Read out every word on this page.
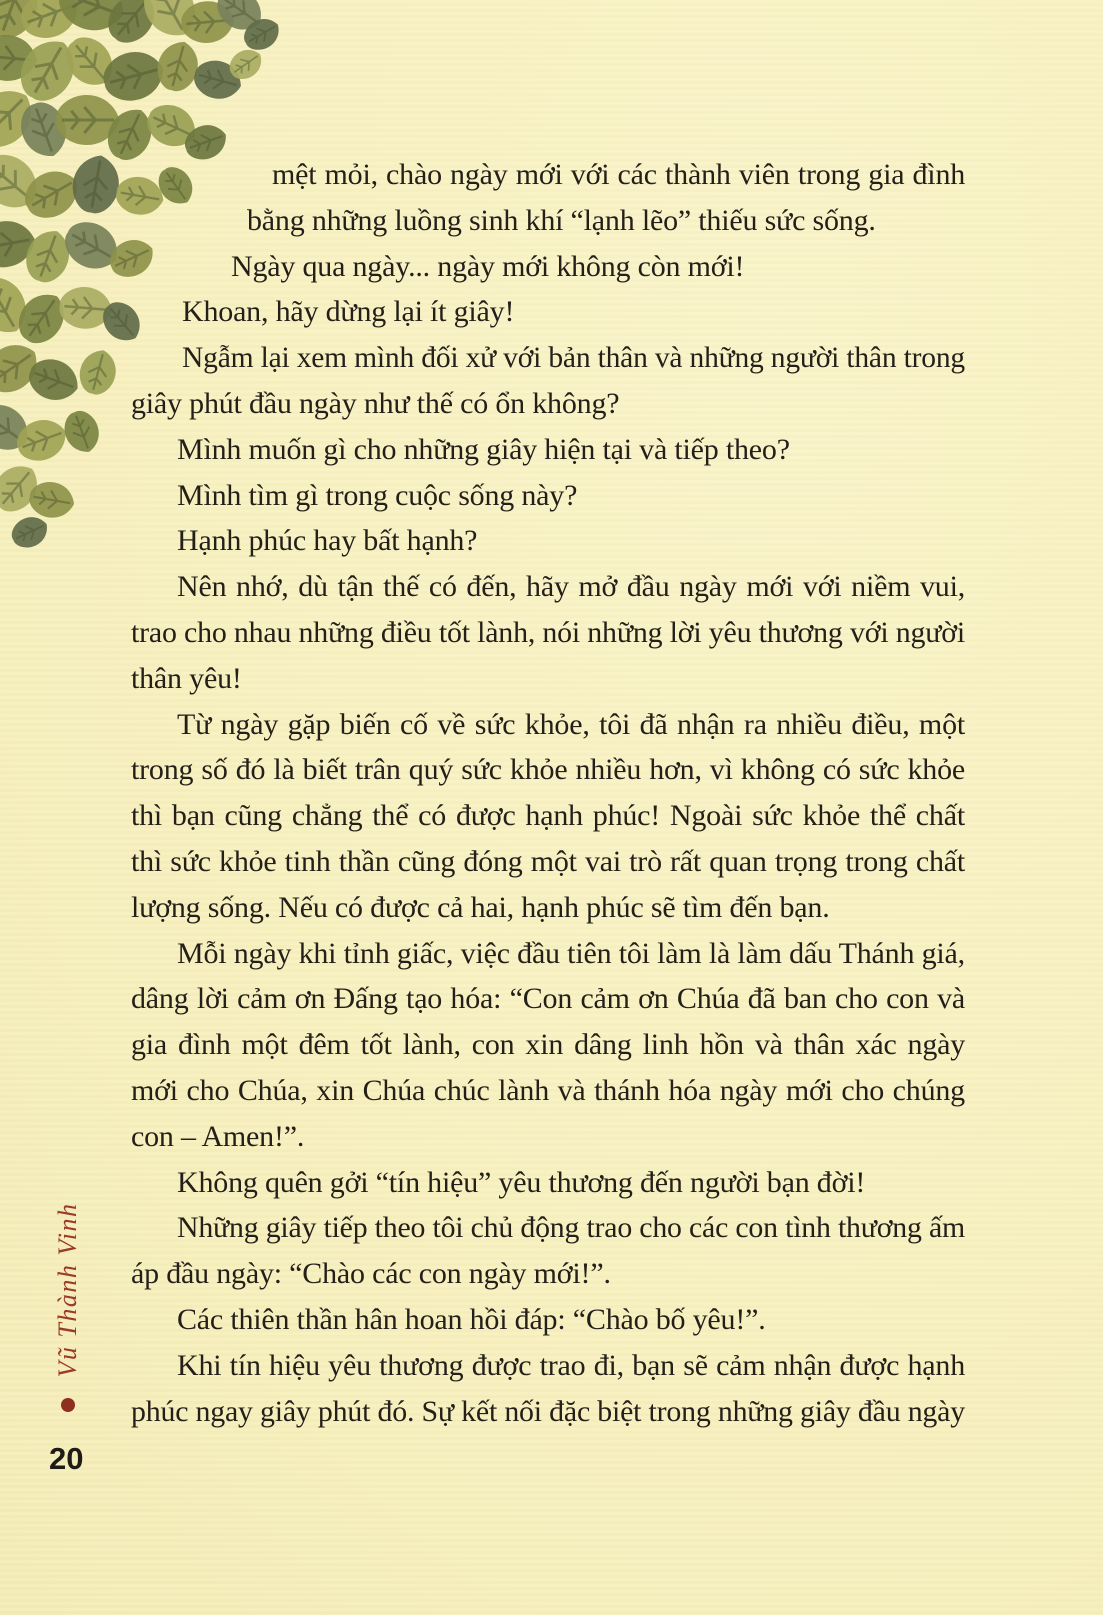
mệt mỏi, chào ngày mới với các thành viên trong gia đình
bằng những luồng sinh khí “lạnh lẽo” thiếu sức sống.
Ngày qua ngày... ngày mới không còn mới!
Khoan, hãy dừng lại ít giây!
Ngẫm lại xem mình đối xử với bản thân và những người thân trong
giây phút đầu ngày như thế có ổn không?
Mình muốn gì cho những giây hiện tại và tiếp theo?
Mình tìm gì trong cuộc sống này?
Hạnh phúc hay bất hạnh?
Nên nhớ, dù tận thế có đến, hãy mở đầu ngày mới với niềm vui,
trao cho nhau những điều tốt lành, nói những lời yêu thương với người
thân yêu!
Từ ngày gặp biến cố về sức khỏe, tôi đã nhận ra nhiều điều, một
trong số đó là biết trân quý sức khỏe nhiều hơn, vì không có sức khỏe
thì bạn cũng chẳng thể có được hạnh phúc! Ngoài sức khỏe thể chất
thì sức khỏe tinh thần cũng đóng một vai trò rất quan trọng trong chất
lượng sống. Nếu có được cả hai, hạnh phúc sẽ tìm đến bạn.
Mỗi ngày khi tỉnh giấc, việc đầu tiên tôi làm là làm dấu Thánh giá,
dâng lời cảm ơn Đấng tạo hóa: “Con cảm ơn Chúa đã ban cho con và
gia đình một đêm tốt lành, con xin dâng linh hồn và thân xác ngày
mới cho Chúa, xin Chúa chúc lành và thánh hóa ngày mới cho chúng
con – Amen!”.
Không quên gởi “tín hiệu” yêu thương đến người bạn đời!
Những giây tiếp theo tôi chủ động trao cho các con tình thương ấm
áp đầu ngày: “Chào các con ngày mới!”.
Các thiên thần hân hoan hồi đáp: “Chào bố yêu!”.
Khi tín hiệu yêu thương được trao đi, bạn sẽ cảm nhận được hạnh
phúc ngay giây phút đó. Sự kết nối đặc biệt trong những giây đầu ngày
Vũ Thành Vinh
20
